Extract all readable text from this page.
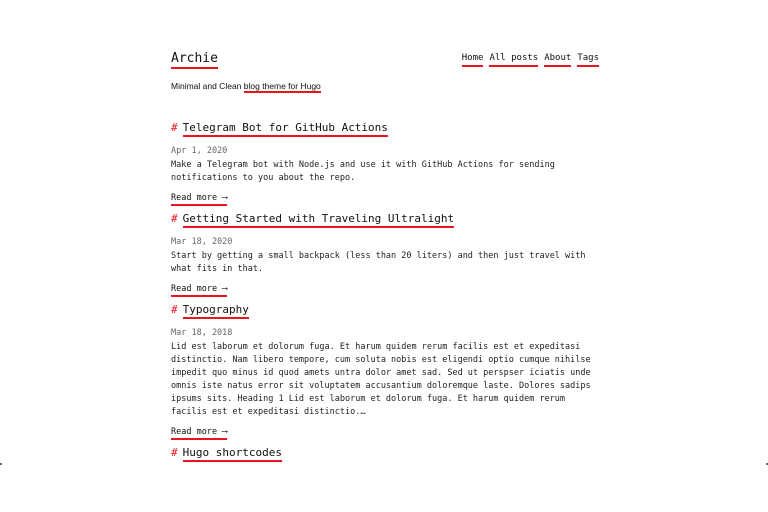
Archie	Home All posts About Tags
Minimal and Clean blog theme for Hugo
# Telegram Bot for GitHub Actions
Apr 1, 2020
Make a Telegram bot with Node.js and use it with GitHub Actions for sending notifications to you about the repo.
Read more ⟶
# Getting Started with Traveling Ultralight
Mar 18, 2020
Start by getting a small backpack (less than 20 liters) and then just travel with what fits in that.
Read more ⟶
# Typography
Mar 18, 2018
Lid est laborum et dolorum fuga. Et harum quidem rerum facilis est et expeditasi distinctio. Nam libero tempore, cum soluta nobis est eligendi optio cumque nihilse impedit quo minus id quod amets untra dolor amet sad. Sed ut perspser iciatis unde omnis iste natus error sit voluptatem accusantium doloremque laste. Dolores sadips ipsums sits. Heading 1 Lid est laborum et dolorum fuga. Et harum quidem rerum facilis est et expeditasi distinctio.…
Read more ⟶
# Hugo shortcodes
